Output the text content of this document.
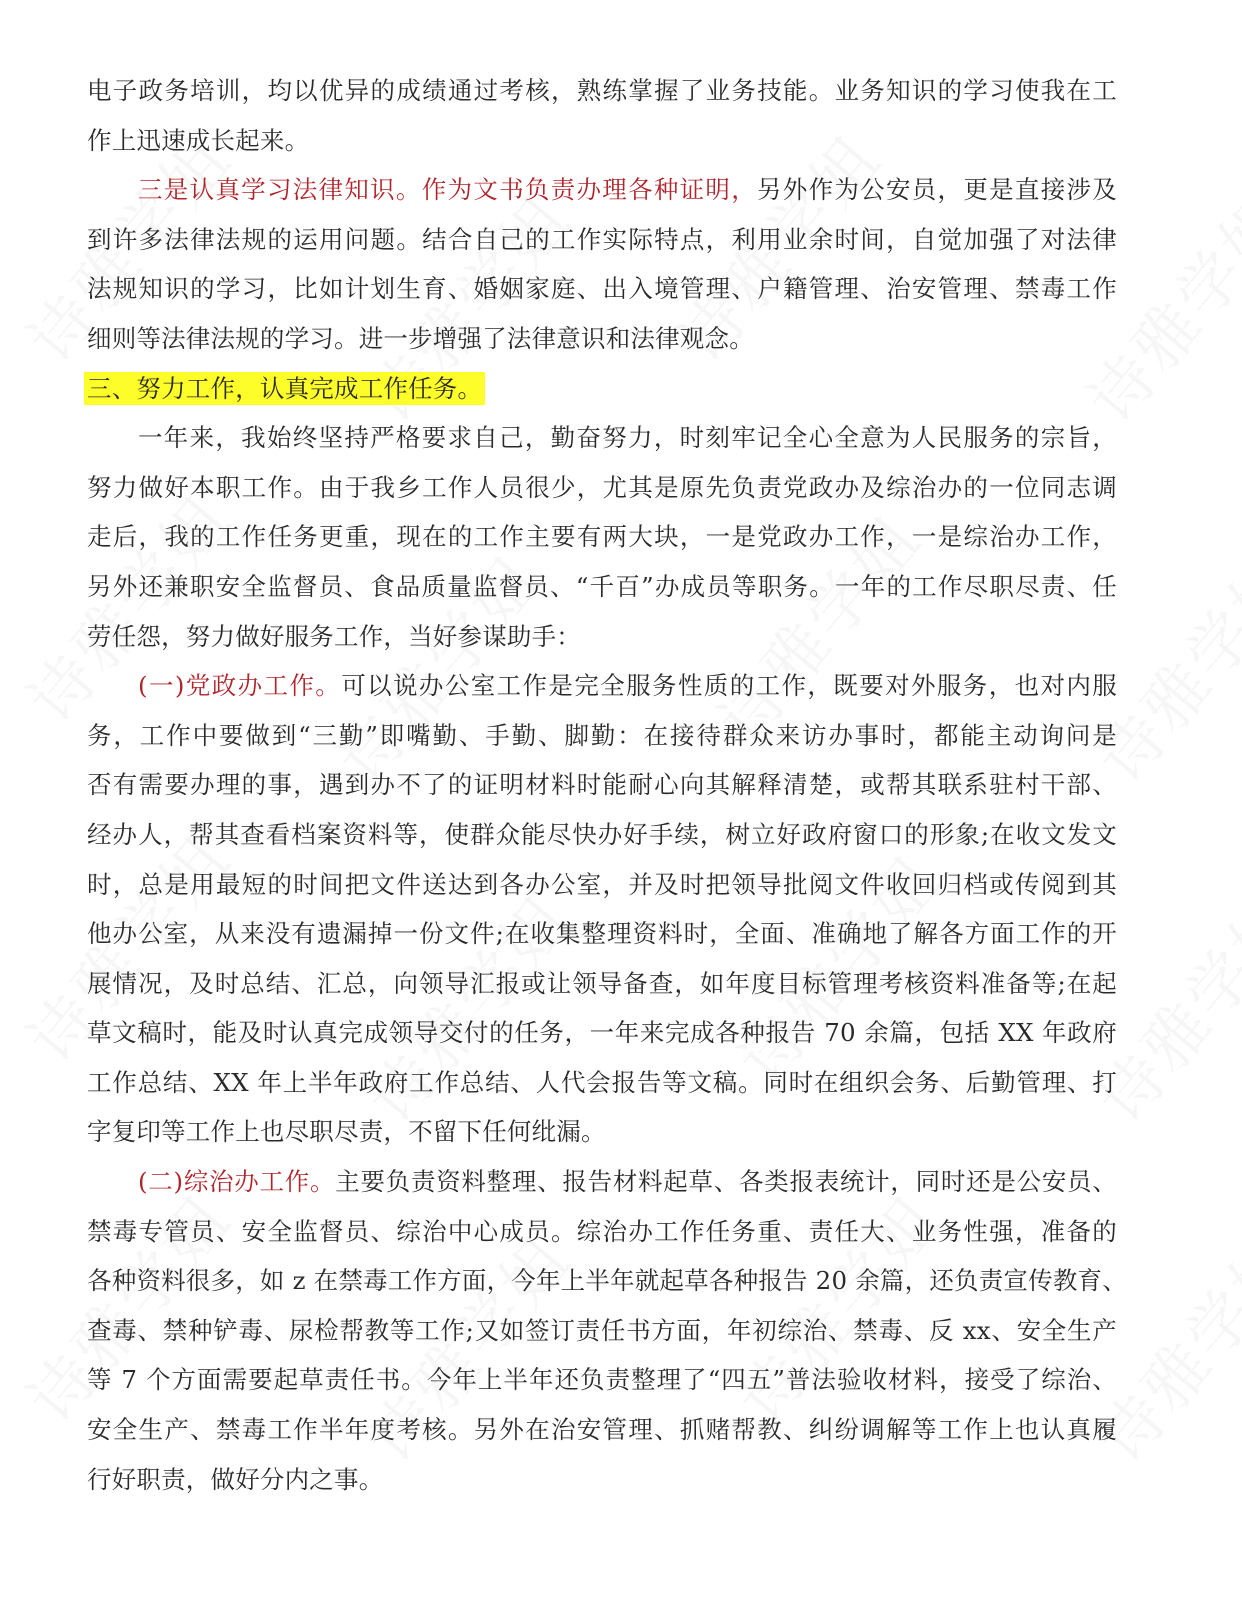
电子政务培训，均以优异的成绩通过考核，熟练掌握了业务技能。业务知识的学习使我在工
作上迅速成长起来。
三是认真学习法律知识。作为文书负责办理各种证明，另外作为公安员，更是直接涉及
到许多法律法规的运用问题。结合自己的工作实际特点，利用业余时间，自觉加强了对法律
法规知识的学习，比如计划生育、婚姻家庭、出入境管理、户籍管理、治安管理、禁毒工作
细则等法律法规的学习。进一步增强了法律意识和法律观念。
三、努力工作，认真完成工作任务。
一年来，我始终坚持严格要求自己，勤奋努力，时刻牢记全心全意为人民服务的宗旨，
努力做好本职工作。由于我乡工作人员很少，尤其是原先负责党政办及综治办的一位同志调
走后，我的工作任务更重，现在的工作主要有两大块，一是党政办工作，一是综治办工作，
另外还兼职安全监督员、食品质量监督员、“千百”办成员等职务。一年的工作尽职尽责、任
劳任怨，努力做好服务工作，当好参谋助手：
(一)党政办工作。可以说办公室工作是完全服务性质的工作，既要对外服务，也对内服
务，工作中要做到“三勤”即嘴勤、手勤、脚勤：在接待群众来访办事时，都能主动询问是
否有需要办理的事，遇到办不了的证明材料时能耐心向其解释清楚，或帮其联系驻村干部、
经办人，帮其查看档案资料等，使群众能尽快办好手续，树立好政府窗口的形象;在收文发文
时，总是用最短的时间把文件送达到各办公室，并及时把领导批阅文件收回归档或传阅到其
他办公室，从来没有遗漏掉一份文件;在收集整理资料时，全面、准确地了解各方面工作的开
展情况，及时总结、汇总，向领导汇报或让领导备查，如年度目标管理考核资料准备等;在起
草文稿时，能及时认真完成领导交付的任务，一年来完成各种报告 70 余篇，包括 XX 年政府
工作总结、XX 年上半年政府工作总结、人代会报告等文稿。同时在组织会务、后勤管理、打
字复印等工作上也尽职尽责，不留下任何纰漏。
(二)综治办工作。主要负责资料整理、报告材料起草、各类报表统计，同时还是公安员、
禁毒专管员、安全监督员、综治中心成员。综治办工作任务重、责任大、业务性强，准备的
各种资料很多，如 z 在禁毒工作方面，今年上半年就起草各种报告 20 余篇，还负责宣传教育、
查毒、禁种铲毒、尿检帮教等工作;又如签订责任书方面，年初综治、禁毒、反 xx、安全生产
等 7 个方面需要起草责任书。今年上半年还负责整理了“四五”普法验收材料，接受了综治、
安全生产、禁毒工作半年度考核。另外在治安管理、抓赌帮教、纠纷调解等工作上也认真履
行好职责，做好分内之事。
